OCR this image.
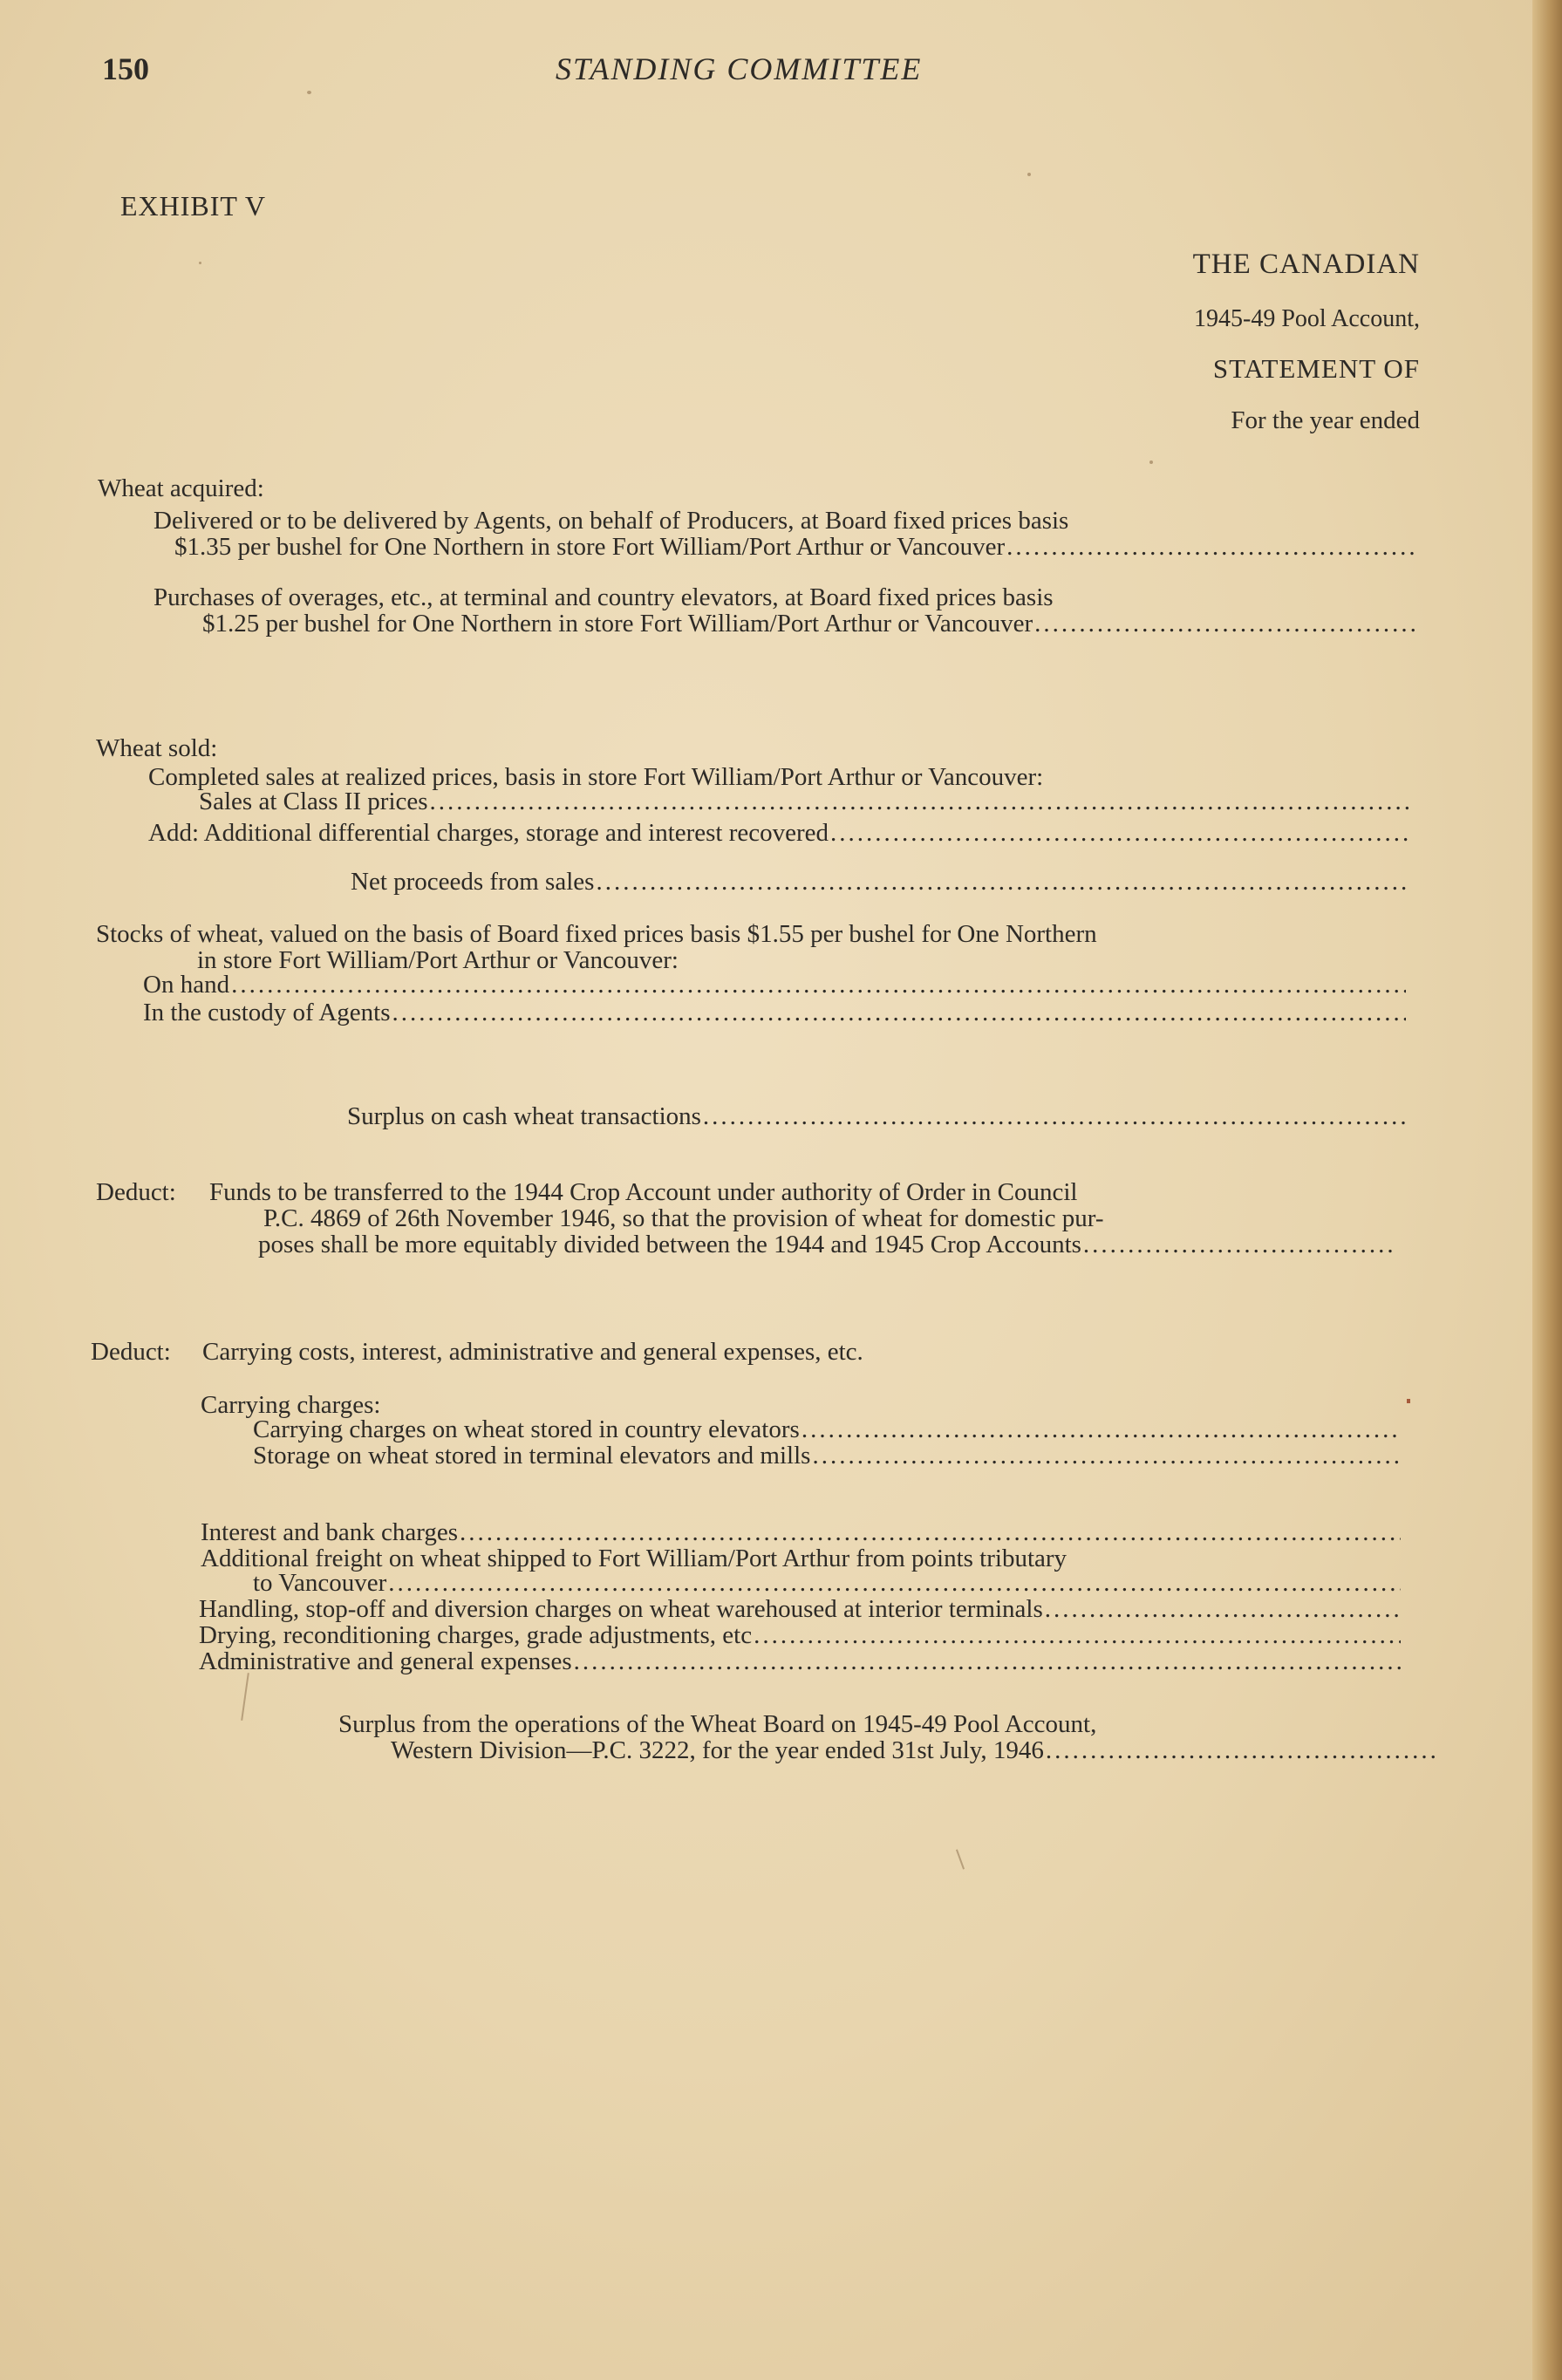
150	STANDING COMMITTEE
EXHIBIT V
THE CANADIAN
1945-49 Pool Account,
STATEMENT OF
For the year ended
Wheat acquired:
Delivered or to be delivered by Agents, on behalf of Producers, at Board fixed prices basis
$1.35 per bushel for One Northern in store Fort William/Port Arthur or Vancouver
.....
Purchases of overages, etc., at terminal and country elevators, at Board fixed prices basis
$1.25 per bushel for One Northern in store Fort William/Port Arthur or Vancouver
.....
Wheat sold:
Completed sales at realized prices, basis in store Fort William/Port Arthur or Vancouver:
Sales at Class II prices
.....
Add: Additional differential charges, storage and interest recovered
.....
Net proceeds from sales
.....
Stocks of wheat, valued on the basis of Board fixed prices basis $1.55 per bushel for One Northern
in store Fort William/Port Arthur or Vancouver:
On hand
.....
In the custody of Agents
.....
Surplus on cash wheat transactions
.....
Deduct: Funds to be transferred to the 1944 Crop Account under authority of Order in Council
P.C. 4869 of 26th November 1946, so that the provision of wheat for domestic pur-
poses shall be more equitably divided between the 1944 and 1945 Crop Accounts
.....
Deduct: Carrying costs, interest, administrative and general expenses, etc.
Carrying charges:
Carrying charges on wheat stored in country elevators
.....
Storage on wheat stored in terminal elevators and mills
.....
Interest and bank charges
.....
Additional freight on wheat shipped to Fort William/Port Arthur from points tributary
to Vancouver
.....
Handling, stop-off and diversion charges on wheat warehoused at interior terminals
.....
Drying, reconditioning charges, grade adjustments, etc
.....
Administrative and general expenses
.....
Surplus from the operations of the Wheat Board on 1945-49 Pool Account,
Western Division—P.C. 3222, for the year ended 31st July, 1946
.....
